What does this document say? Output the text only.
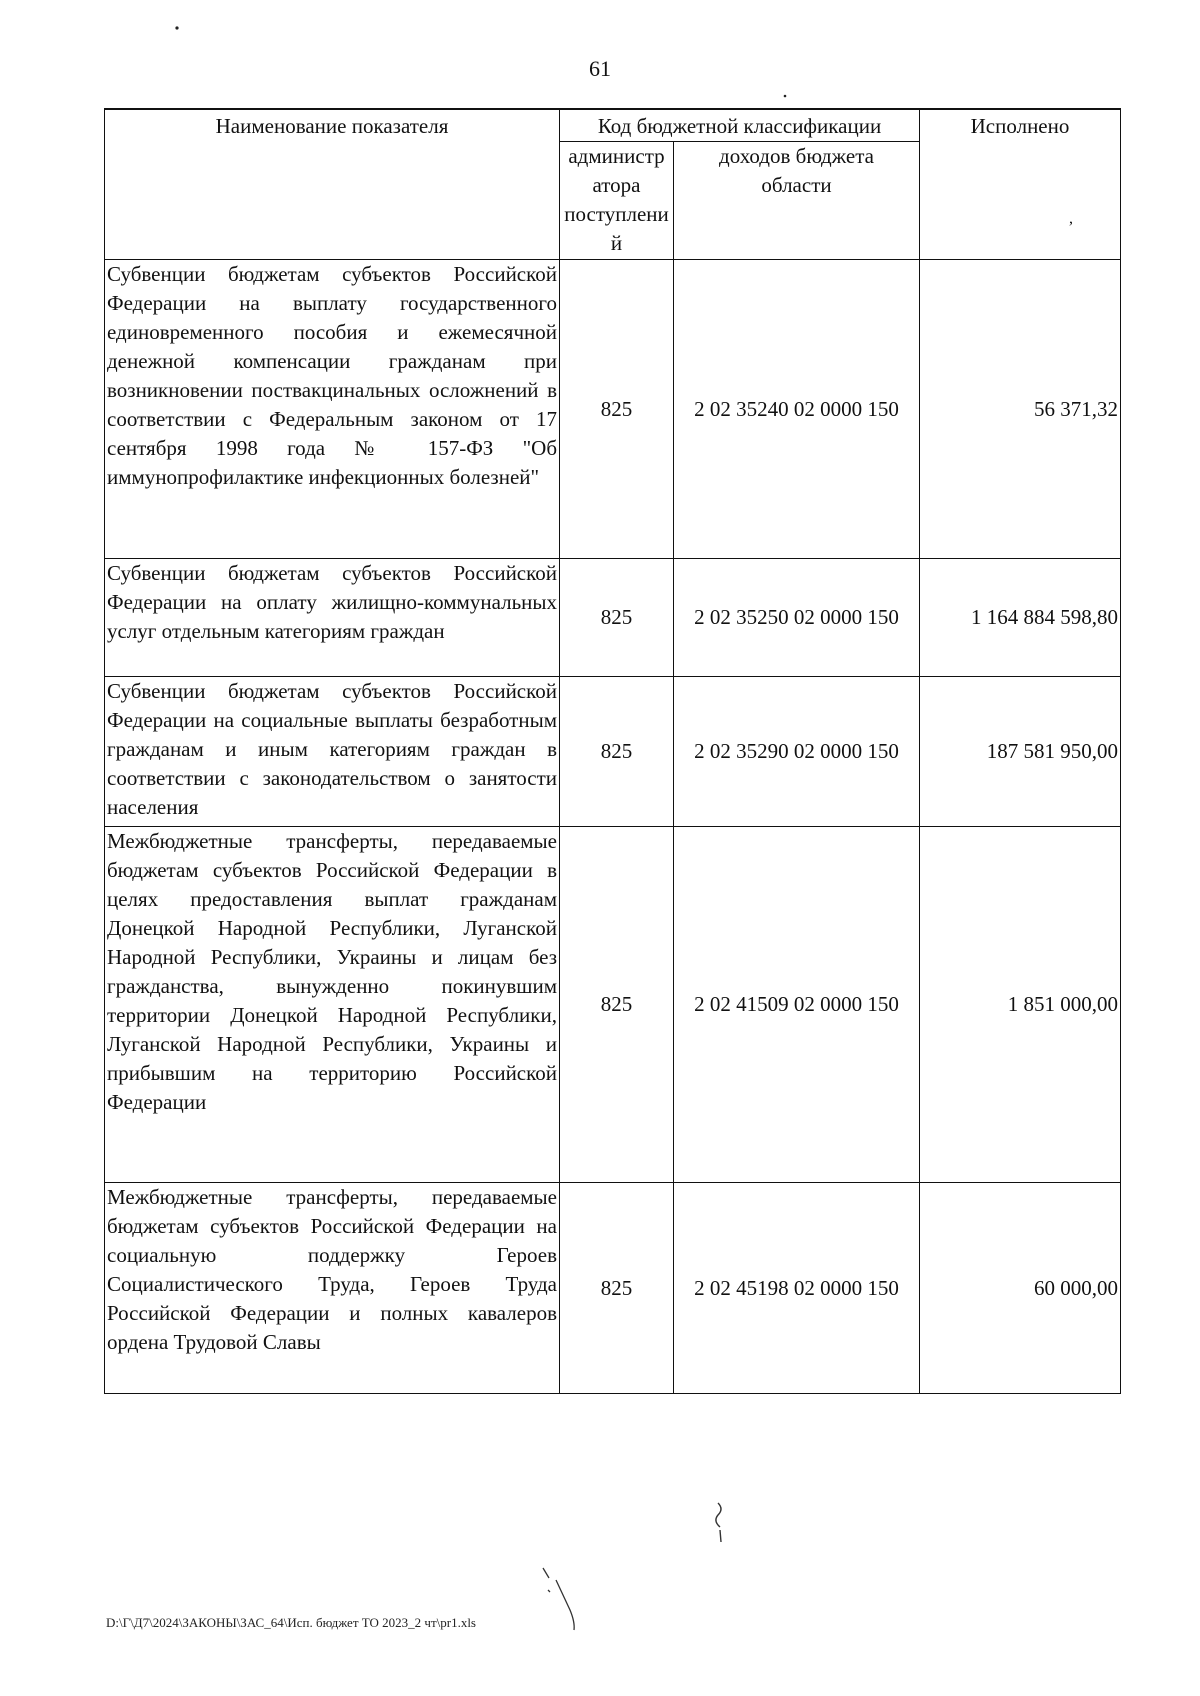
61
Наименование показателя	Код бюджетной классификации		Исполнено
	администратора поступлений	доходов бюджета области	
Субвенции бюджетам субъектов Российской Федерации на выплату государственного единовременного пособия и ежемесячной денежной компенсации гражданам при возникновении поствакцинальных осложнений в соответствии с Федеральным законом от 17 сентября 1998 года № 157-ФЗ "Об иммунопрофилактике инфекционных болезней"	825	2 02 35240 02 0000 150	56 371,32
Субвенции бюджетам субъектов Российской Федерации на оплату жилищно-коммунальных услуг отдельным категориям граждан	825	2 02 35250 02 0000 150	1 164 884 598,80
Субвенции бюджетам субъектов Российской Федерации на социальные выплаты безработным гражданам и иным категориям граждан в соответствии с законодательством о занятости населения	825	2 02 35290 02 0000 150	187 581 950,00
Межбюджетные трансферты, передаваемые бюджетам субъектов Российской Федерации в целях предоставления выплат гражданам Донецкой Народной Республики, Луганской Народной Республики, Украины и лицам без гражданства, вынужденно покинувшим территории Донецкой Народной Республики, Луганской Народной Республики, Украины и прибывшим на территорию Российской Федерации	825	2 02 41509 02 0000 150	1 851 000,00
Межбюджетные трансферты, передаваемые бюджетам субъектов Российской Федерации на социальную поддержку Героев Социалистического Труда, Героев Труда Российской Федерации и полных кавалеров ордена Трудовой Славы	825	2 02 45198 02 0000 150	60 000,00
,
D:\Г\Д7\2024\ЗАКОНЫ\ЗАС_64\Исп. бюджет ТО 2023_2 чт\pr1.xls
